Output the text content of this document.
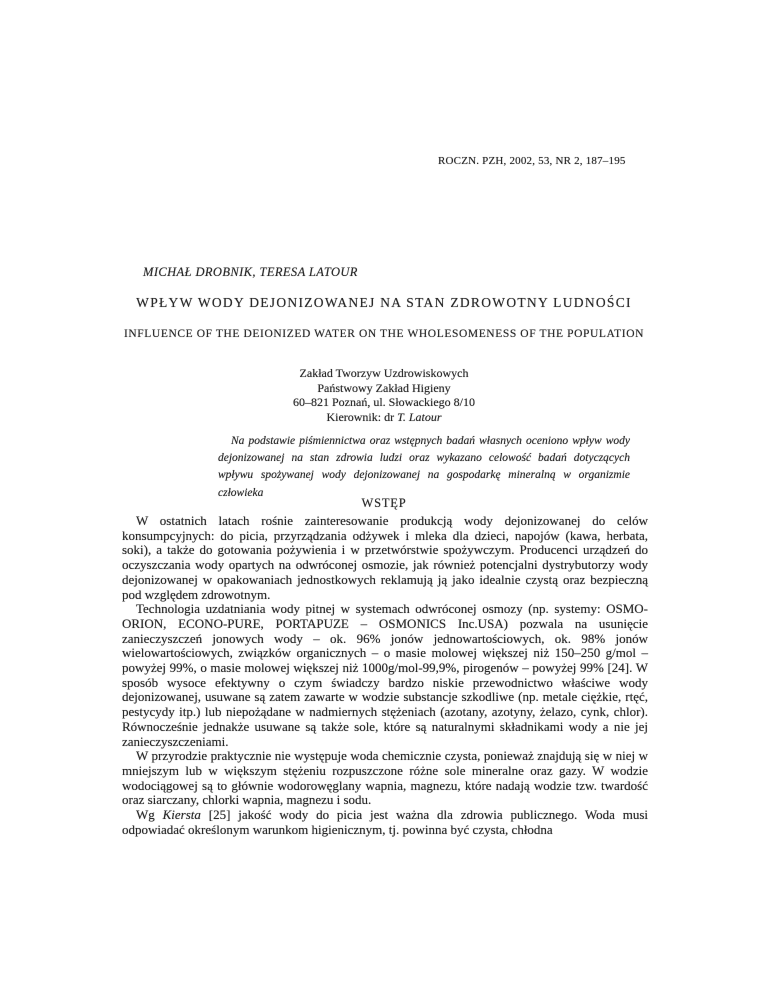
ROCZN. PZH, 2002, 53, NR 2, 187–195
MICHAŁ DROBNIK, TERESA LATOUR
WPŁYW WODY DEJONIZOWANEJ NA STAN ZDROWOTNY LUDNOŚCI
INFLUENCE OF THE DEIONIZED WATER ON THE WHOLESOMENESS OF THE POPULATION
Zakład Tworzyw Uzdrowiskowych
Państwowy Zakład Higieny
60–821 Poznań, ul. Słowackiego 8/10
Kierownik: dr T. Latour
Na podstawie piśmiennictwa oraz wstępnych badań własnych oceniono wpływ wody dejonizowanej na stan zdrowia ludzi oraz wykazano celowość badań dotyczących wpływu spożywanej wody dejonizowanej na gospodarkę mineralną w organizmie człowieka
WSTĘP

W ostatnich latach rośnie zainteresowanie produkcją wody dejonizowanej do celów konsumpcyjnych: do picia, przyrządzania odżywek i mleka dla dzieci, napojów (kawa, herbata, soki), a także do gotowania pożywienia i w przetwórstwie spożywczym. Producenci urządzeń do oczyszczania wody opartych na odwróconej osmozie, jak również potencjalni dystrybutorzy wody dejonizowanej w opakowaniach jednostkowych reklamują ją jako idealnie czystą oraz bezpieczną pod względem zdrowotnym.

Technologia uzdatniania wody pitnej w systemach odwróconej osmozy (np. systemy: OSMO-ORION, ECONO-PURE, PORTAPUZE – OSMONICS Inc.USA) pozwala na usunięcie zanieczyszczeń jonowych wody – ok. 96% jonów jednowartościowych, ok. 98% jonów wielowartościowych, związków organicznych – o masie molowej większej niż 150–250 g/mol – powyżej 99%, o masie molowej większej niż 1000g/mol-99,9%, pirogenów – powyżej 99% [24]. W sposób wysoce efektywny o czym świadczy bardzo niskie przewodnictwo właściwe wody dejonizowanej, usuwane są zatem zawarte w wodzie substancje szkodliwe (np. metale ciężkie, rtęć, pestycydy itp.) lub niepożądane w nadmiernych stężeniach (azotany, azotyny, żelazo, cynk, chlor). Równocześnie jednakże usuwane są także sole, które są naturalnymi składnikami wody a nie jej zanieczyszczeniami.

W przyrodzie praktycznie nie występuje woda chemicznie czysta, ponieważ znajdują się w niej w mniejszym lub w większym stężeniu rozpuszczone różne sole mineralne oraz gazy. W wodzie wodociągowej są to głównie wodorowęglany wapnia, magnezu, które nadają wodzie tzw. twardość oraz siarczany, chlorki wapnia, magnezu i sodu.

Wg Kiersta [25] jakość wody do picia jest ważna dla zdrowia publicznego. Woda musi odpowiadać określonym warunkom higienicznym, tj. powinna być czysta, chłodna
